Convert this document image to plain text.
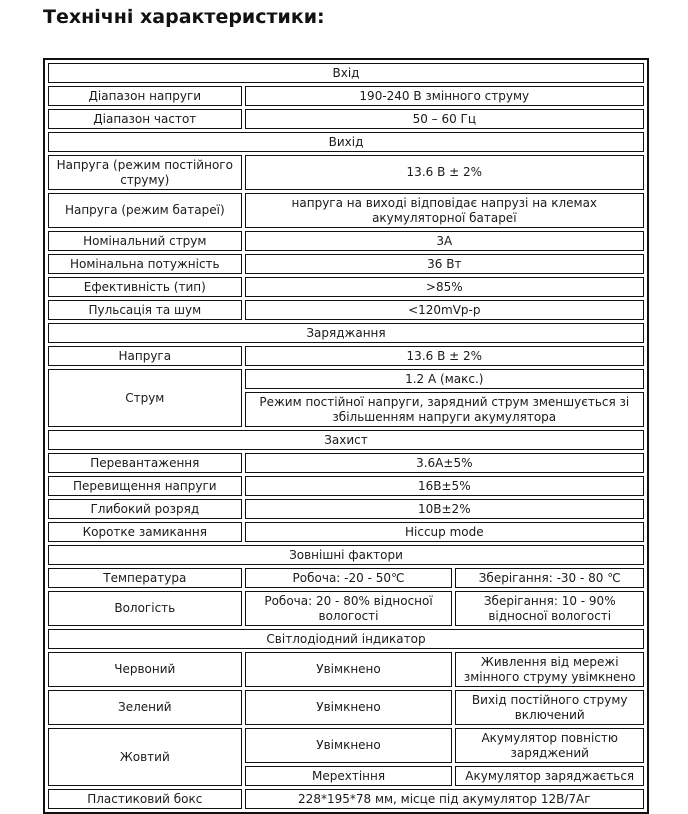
Технічні характеристики:
Вхід		
Діапазон напруги	190-240 В змінного струму	
Діапазон частот	50 – 60 Гц	
Вихід		
Напруга (режим постійного струму)	13.6 В ± 2%	
Напруга (режим батареї)	напруга на виході відповідає напрузі на клемах акумуляторної батареї	
Номінальний струм	3А	
Номінальна потужність	36 Вт	
Ефективність (тип)	>85%	
Пульсація та шум	<120mVp-p	
Заряджання		
Напруга	13.6 В ± 2%	
Струм	1.2 А (макс.)	
	Режим постійної напруги, зарядний струм зменшується зі збільшенням напруги акумулятора	
Захист		
Перевантаження	3.6А±5%	
Перевищення напруги	16В±5%	
Глибокий розряд	10В±2%	
Коротке замикання	Hiccup mode	
Зовнішні фактори		
Температура	Робоча: -20 - 50℃	Зберігання: -30 - 80 ℃
Вологість	Робоча: 20 - 80% відносної вологості	Зберігання: 10 - 90% відносної вологості
Світлодіодний індикатор		
Червоний	Увімкнено	Живлення від мережі змінного струму увімкнено
Зелений	Увімкнено	Вихід постійного струму включений
Жовтий	Увімкнено	Акумулятор повністю заряджений
	Мерехтіння	Акумулятор заряджається
Пластиковий бокс	228*195*78 мм, місце під акумулятор 12В/7Аг	
